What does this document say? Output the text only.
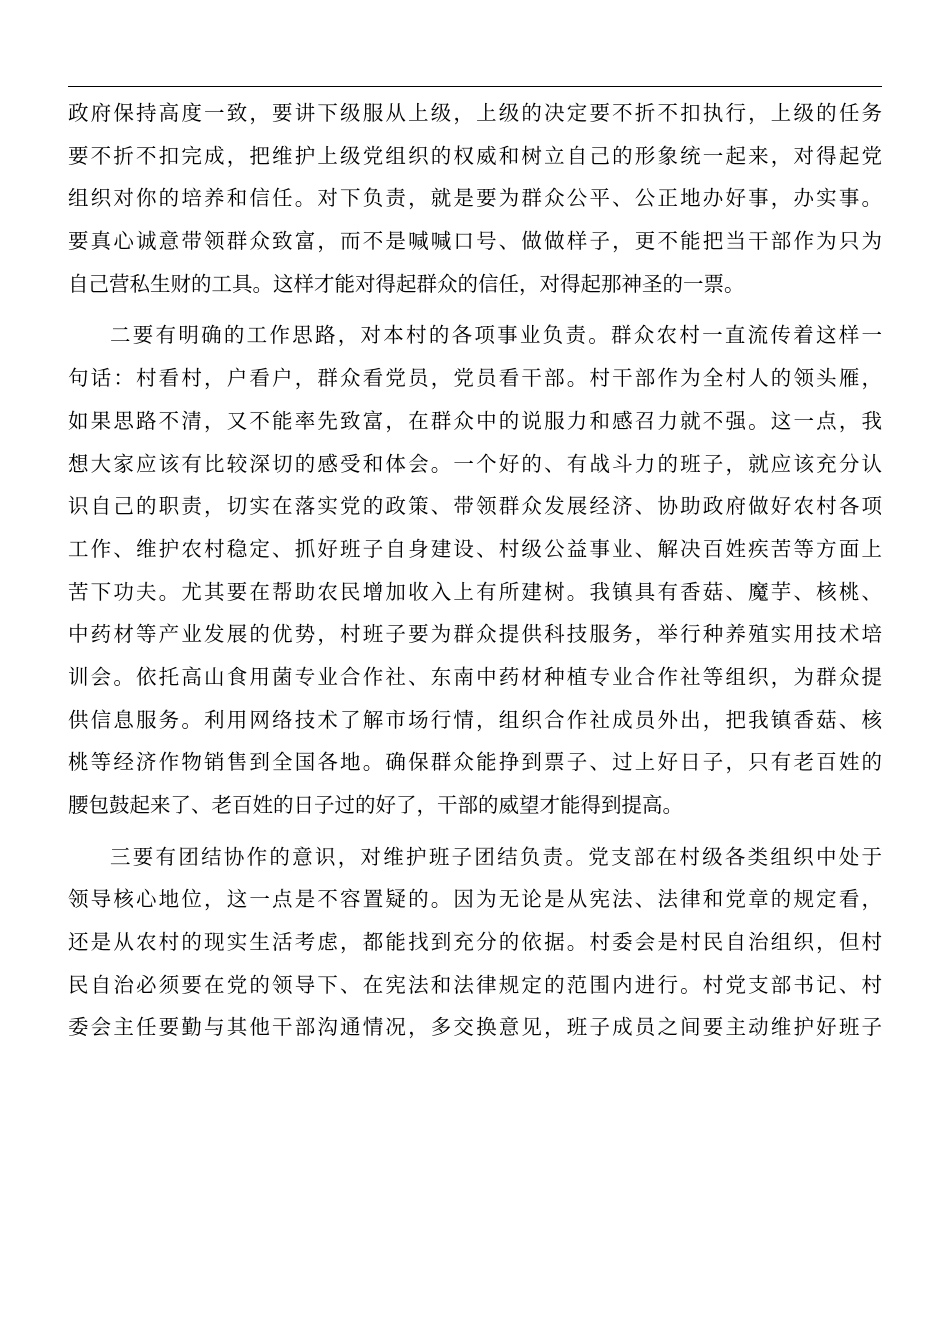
政府保持高度一致，要讲下级服从上级，上级的决定要不折不扣执行，上级的任务
要不折不扣完成，把维护上级党组织的权威和树立自己的形象统一起来，对得起党
组织对你的培养和信任。对下负责，就是要为群众公平、公正地办好事，办实事。
要真心诚意带领群众致富，而不是喊喊口号、做做样子，更不能把当干部作为只为
自己营私生财的工具。这样才能对得起群众的信任，对得起那神圣的一票。
二要有明确的工作思路，对本村的各项事业负责。群众农村一直流传着这样一
句话：村看村，户看户，群众看党员，党员看干部。村干部作为全村人的领头雁，
如果思路不清，又不能率先致富，在群众中的说服力和感召力就不强。这一点，我
想大家应该有比较深切的感受和体会。一个好的、有战斗力的班子，就应该充分认
识自己的职责，切实在落实党的政策、带领群众发展经济、协助政府做好农村各项
工作、维护农村稳定、抓好班子自身建设、村级公益事业、解决百姓疾苦等方面上
苦下功夫。尤其要在帮助农民增加收入上有所建树。我镇具有香菇、魔芋、核桃、
中药材等产业发展的优势，村班子要为群众提供科技服务，举行种养殖实用技术培
训会。依托高山食用菌专业合作社、东南中药材种植专业合作社等组织，为群众提
供信息服务。利用网络技术了解市场行情，组织合作社成员外出，把我镇香菇、核
桃等经济作物销售到全国各地。确保群众能挣到票子、过上好日子，只有老百姓的
腰包鼓起来了、老百姓的日子过的好了，干部的威望才能得到提高。
三要有团结协作的意识，对维护班子团结负责。党支部在村级各类组织中处于
领导核心地位，这一点是不容置疑的。因为无论是从宪法、法律和党章的规定看，
还是从农村的现实生活考虑，都能找到充分的依据。村委会是村民自治组织，但村
民自治必须要在党的领导下、在宪法和法律规定的范围内进行。村党支部书记、村
委会主任要勤与其他干部沟通情况，多交换意见，班子成员之间要主动维护好班子
